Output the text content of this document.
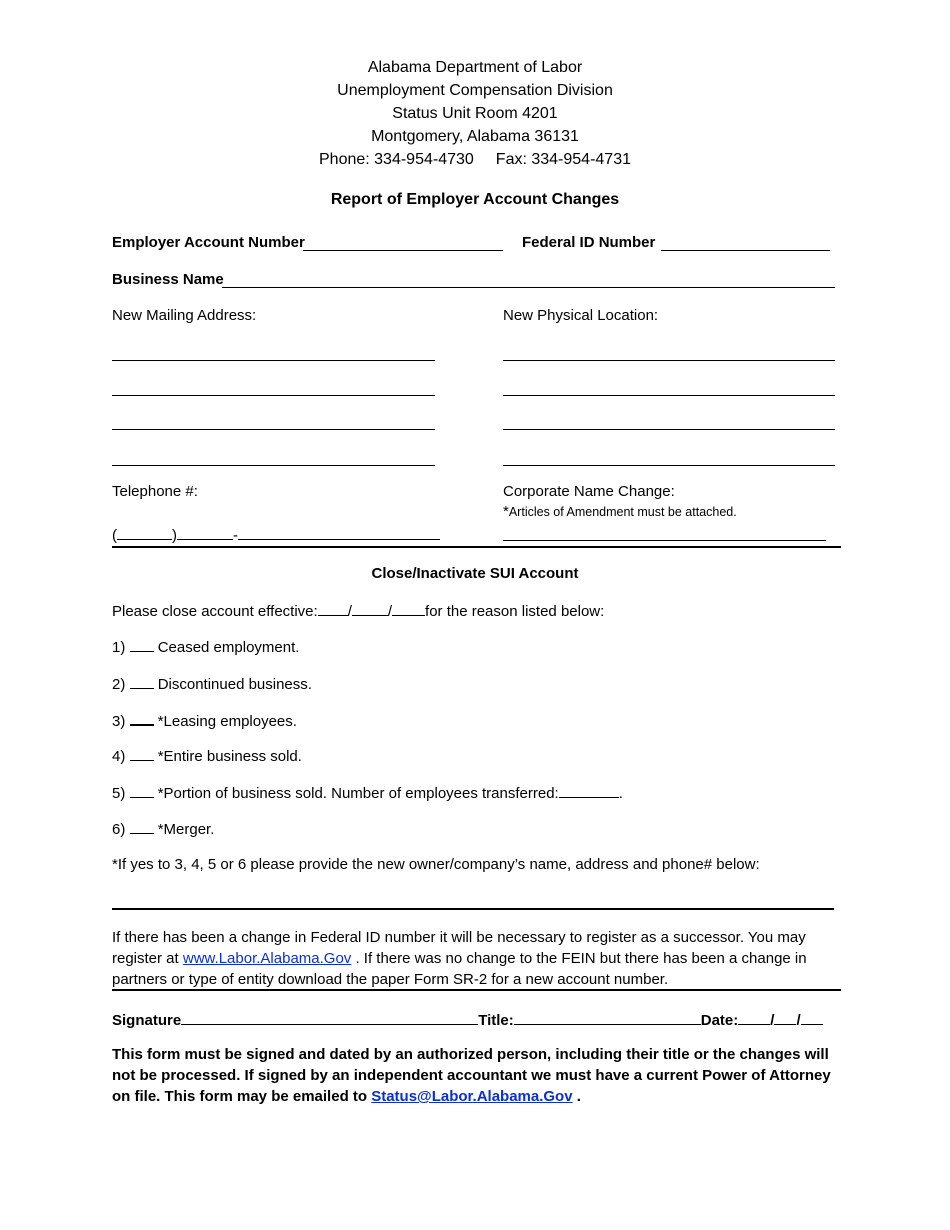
Alabama Department of Labor
Unemployment Compensation Division
Status Unit Room 4201
Montgomery, Alabama 36131
Phone: 334-954-4730 Fax: 334-954-4731
Report of Employer Account Changes
Employer Account Number	Federal ID Number
Business Name
New Mailing Address:	New Physical Location:
Telephone #:
(	)	-
Corporate Name Change:
*Articles of Amendment must be attached.
Close/Inactivate SUI Account
Please close account effective: / / for the reason listed below:
1) Ceased employment.
2) Discontinued business.
3) *Leasing employees.
4) *Entire business sold.
5) *Portion of business sold. Number of employees transferred:	.
6) *Merger.
*If yes to 3, 4, 5 or 6 please provide the new owner/company’s name, address and phone# below:
If there has been a change in Federal ID number it will be necessary to register as a successor. You may register at www.Labor.Alabama.Gov . If there was no change to the FEIN but there has been a change in partners or type of entity download the paper Form SR-2 for a new account number.
Signature	Title:	Date: / /
This form must be signed and dated by an authorized person, including their title or the changes will not be processed. If signed by an independent accountant we must have a current Power of Attorney on file. This form may be emailed to Status@Labor.Alabama.Gov .
